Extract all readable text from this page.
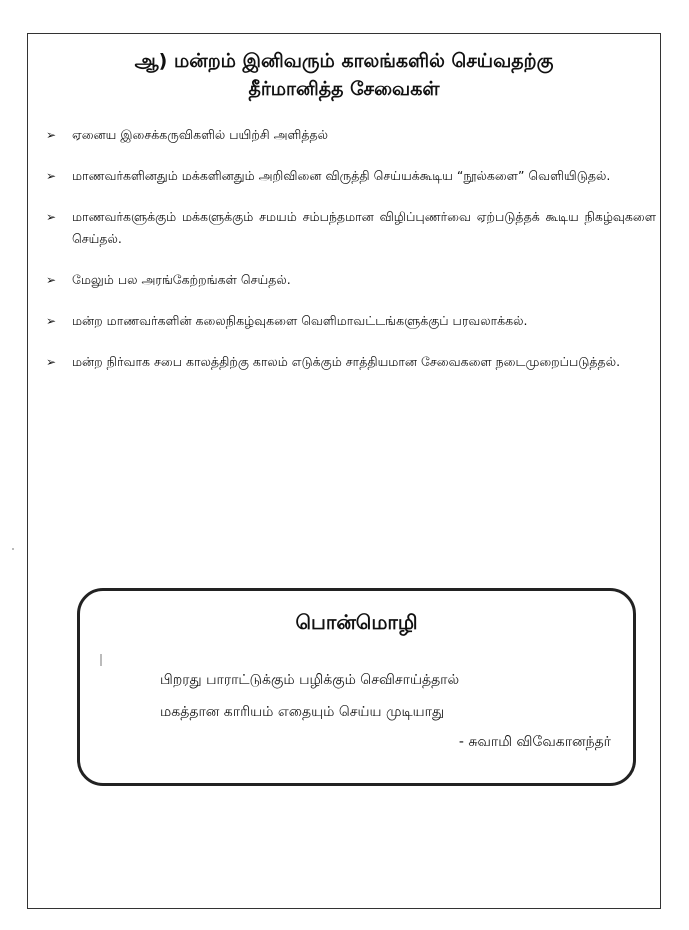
ஆ) மன்றம் இனிவரும் காலங்களில் செய்வதற்கு
தீர்மானித்த சேவைகள்
➢ ஏனைய இசைக்கருவிகளில் பயிற்சி அளித்தல்
➢ மாணவர்களினதும் மக்களினதும் அறிவினை விருத்தி செய்யக்கூடிய “நூல்களை” வெளியிடுதல்.
➢ மாணவர்களுக்கும் மக்களுக்கும் சமயம் சம்பந்தமான விழிப்புணர்வை ஏற்படுத்தக் கூடிய நிகழ்வுகளை செய்தல்.
➢ மேலும் பல அரங்கேற்றங்கள் செய்தல்.
➢ மன்ற மாணவர்களின் கலைநிகழ்வுகளை வெளிமாவட்டங்களுக்குப் பரவலாக்கல்.
➢ மன்ற நிர்வாக சபை காலத்திற்கு காலம் எடுக்கும் சாத்தியமான சேவைகளை நடைமுறைப்படுத்தல்.
பொன்மொழி
பிறரது பாராட்டுக்கும் பழிக்கும் செவிசாய்த்தால்
மகத்தான காரியம் எதையும் செய்ய முடியாது
- சுவாமி விவேகானந்தர்
